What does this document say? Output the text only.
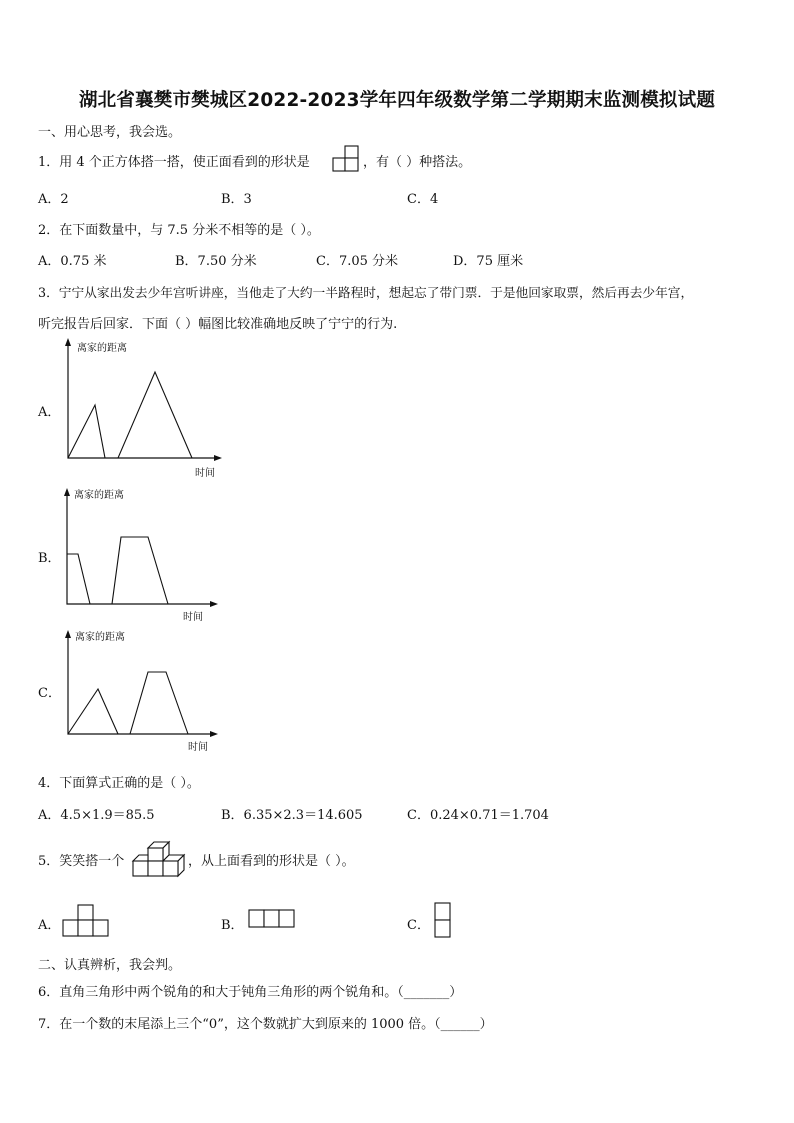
湖北省襄樊市樊城区2022-2023学年四年级数学第二学期期末监测模拟试题
一、用心思考，我会选。
1．用 4 个正方体搭一搭，使正面看到的形状是	，有（ ）种搭法。
A．2	B．3	C．4
2．在下面数量中，与 7.5 分米不相等的是（ ）。
A．0.75 米	B．7.50 分米	C．7.05 分米	D．75 厘米
3．宁宁从家出发去少年宫听讲座，当他走了大约一半路程时，想起忘了带门票．于是他回家取票，然后再去少年宫，
听完报告后回家．下面（ ）幅图比较准确地反映了宁宁的行为.
A．
离家的距离
时间
B．
离家的距离
时间
C．
离家的距离
时间
4．下面算式正确的是（ ）。
A．4.5×1.9＝85.5	B．6.35×2.3＝14.605	C．0.24×0.71＝1.704
5．笑笑搭一个	，从上面看到的形状是（ ）。
A．	B．	C．
二、认真辨析，我会判。
6．直角三角形中两个锐角的和大于钝角三角形的两个锐角和。（_______）
7．在一个数的末尾添上三个“0”，这个数就扩大到原来的 1000 倍。（______）
